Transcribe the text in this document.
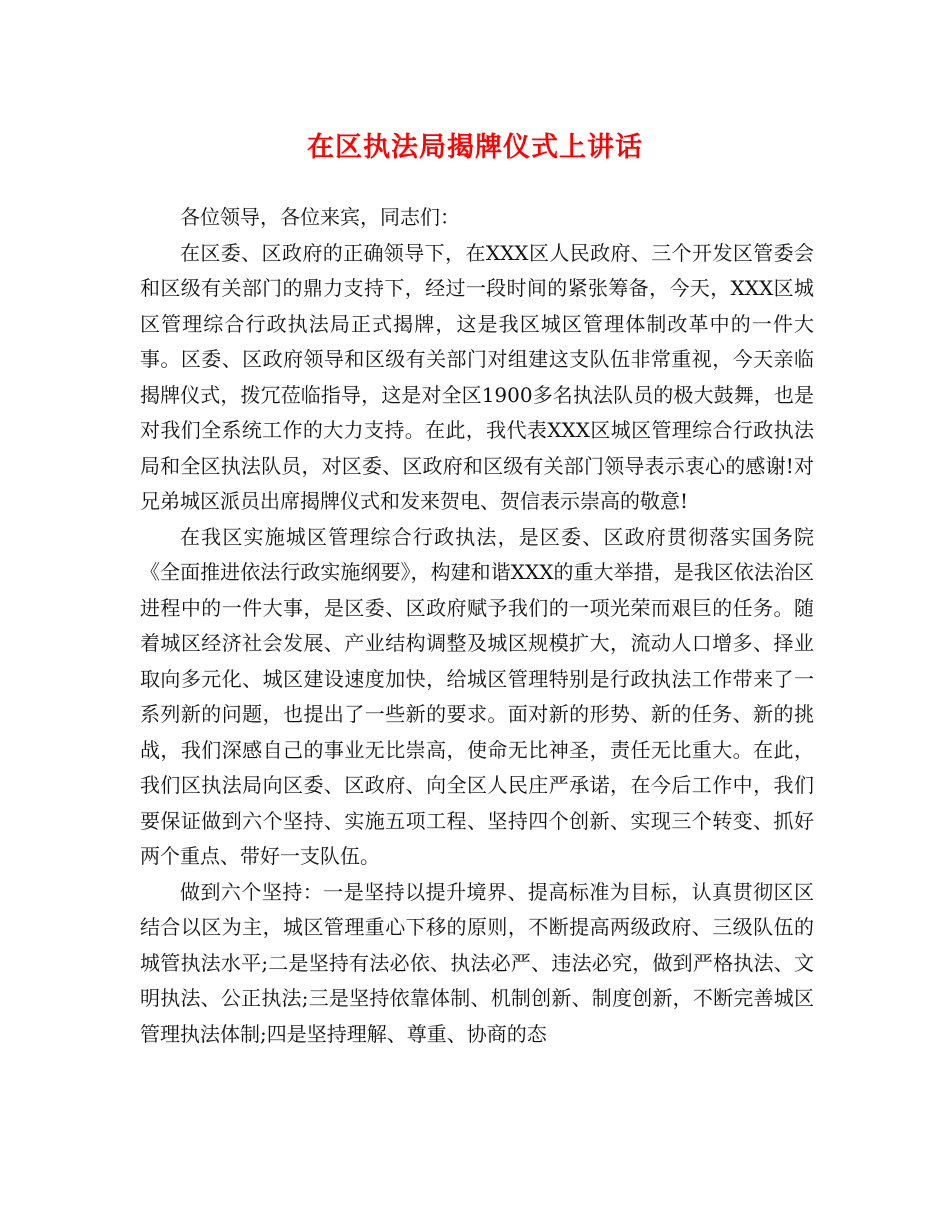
在区执法局揭牌仪式上讲话

各位领导，各位来宾，同志们：

在区委、区政府的正确领导下，在XXX区人民政府、三个开发区管委会和区级有关部门的鼎力支持下，经过一段时间的紧张筹备，今天，XXX区城区管理综合行政执法局正式揭牌，这是我区城区管理体制改革中的一件大事。区委、区政府领导和区级有关部门对组建这支队伍非常重视，今天亲临揭牌仪式，拨冗莅临指导，这是对全区1900多名执法队员的极大鼓舞，也是对我们全系统工作的大力支持。在此，我代表XXX区城区管理综合行政执法局和全区执法队员，对区委、区政府和区级有关部门领导表示衷心的感谢!对兄弟城区派员出席揭牌仪式和发来贺电、贺信表示崇高的敬意!

在我区实施城区管理综合行政执法，是区委、区政府贯彻落实国务院《全面推进依法行政实施纲要》，构建和谐XXX的重大举措，是我区依法治区进程中的一件大事，是区委、区政府赋予我们的一项光荣而艰巨的任务。随着城区经济社会发展、产业结构调整及城区规模扩大，流动人口增多、择业取向多元化、城区建设速度加快，给城区管理特别是行政执法工作带来了一系列新的问题，也提出了一些新的要求。面对新的形势、新的任务、新的挑战，我们深感自己的事业无比崇高，使命无比神圣，责任无比重大。在此，我们区执法局向区委、区政府、向全区人民庄严承诺，在今后工作中，我们要保证做到六个坚持、实施五项工程、坚持四个创新、实现三个转变、抓好两个重点、带好一支队伍。

做到六个坚持：一是坚持以提升境界、提高标准为目标，认真贯彻区区结合以区为主，城区管理重心下移的原则，不断提高两级政府、三级队伍的城管执法水平;二是坚持有法必依、执法必严、违法必究，做到严格执法、文明执法、公正执法;三是坚持依靠体制、机制创新、制度创新，不断完善城区管理执法体制;四是坚持理解、尊重、协商的态
